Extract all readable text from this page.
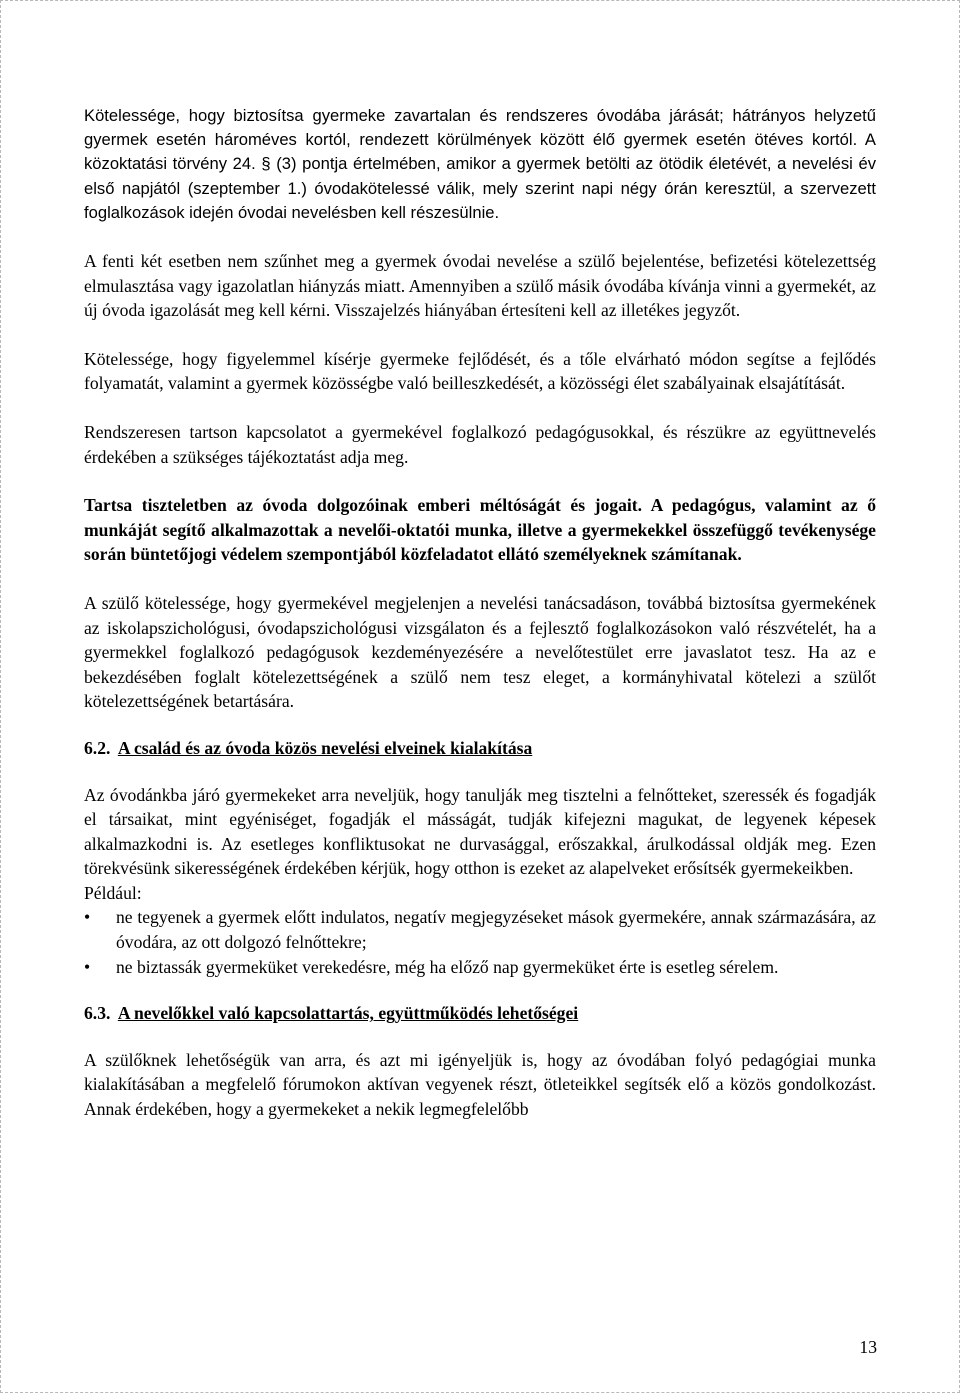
Kötelessége, hogy biztosítsa gyermeke zavartalan és rendszeres óvodába járását; hátrányos helyzetű gyermek esetén hároméves kortól, rendezett körülmények között élő gyermek esetén ötéves kortól. A közoktatási törvény 24. § (3) pontja értelmében, amikor a gyermek betölti az ötödik életévét, a nevelési év első napjától (szeptember 1.) óvodakötelessé válik, mely szerint napi négy órán keresztül, a szervezett foglalkozások idején óvodai nevelésben kell részesülnie.

A fenti két esetben nem szűnhet meg a gyermek óvodai nevelése a szülő bejelentése, befizetési kötelezettség elmulasztása vagy igazolatlan hiányzás miatt. Amennyiben a szülő másik óvodába kívánja vinni a gyermekét, az új óvoda igazolását meg kell kérni. Visszajelzés hiányában értesíteni kell az illetékes jegyzőt.

Kötelessége, hogy figyelemmel kísérje gyermeke fejlődését, és a tőle elvárható módon segítse a fejlődés folyamatát, valamint a gyermek közösségbe való beilleszkedését, a közösségi élet szabályainak elsajátítását.

Rendszeresen tartson kapcsolatot a gyermekével foglalkozó pedagógusokkal, és részükre az együttnevelés érdekében a szükséges tájékoztatást adja meg.

Tartsa tiszteletben az óvoda dolgozóinak emberi méltóságát és jogait. A pedagógus, valamint az ő munkáját segítő alkalmazottak a nevelői-oktatói munka, illetve a gyermekekkel összefüggő tevékenysége során büntetőjogi védelem szempontjából közfeladatot ellátó személyeknek számítanak.

A szülő kötelessége, hogy gyermekével megjelenjen a nevelési tanácsadáson, továbbá biztosítsa gyermekének az iskolapszichológusi, óvodapszichológusi vizsgálaton és a fejlesztő foglalkozásokon való részvételét, ha a gyermekkel foglalkozó pedagógusok kezdeményezésére a nevelőtestület erre javaslatot tesz. Ha az e bekezdésében foglalt kötelezettségének a szülő nem tesz eleget, a kormányhivatal kötelezi a szülőt kötelezettségének betartására.

6.2. A család és az óvoda közös nevelési elveinek kialakítása

Az óvodánkba járó gyermekeket arra neveljük, hogy tanulják meg tisztelni a felnőtteket, szeressék és fogadják el társaikat, mint egyéniséget, fogadják el másságát, tudják kifejezni magukat, de legyenek képesek alkalmazkodni is. Az esetleges konfliktusokat ne durvasággal, erőszakkal, árulkodással oldják meg. Ezen törekvésünk sikerességének érdekében kérjük, hogy otthon is ezeket az alapelveket erősítsék gyermekeikben.

Például:

•	ne tegyenek a gyermek előtt indulatos, negatív megjegyzéseket mások gyermekére, annak származására, az óvodára, az ott dolgozó felnőttekre;
•	ne biztassák gyermeküket verekedésre, még ha előző nap gyermeküket érte is esetleg sérelem.
6.3. A nevelőkkel való kapcsolattartás, együttműködés lehetőségei

A szülőknek lehetőségük van arra, és azt mi igényeljük is, hogy az óvodában folyó pedagógiai munka kialakításában a megfelelő fórumokon aktívan vegyenek részt, ötleteikkel segítsék elő a közös gondolkozást. Annak érdekében, hogy a gyermekeket a nekik legmegfelelőbb

13
